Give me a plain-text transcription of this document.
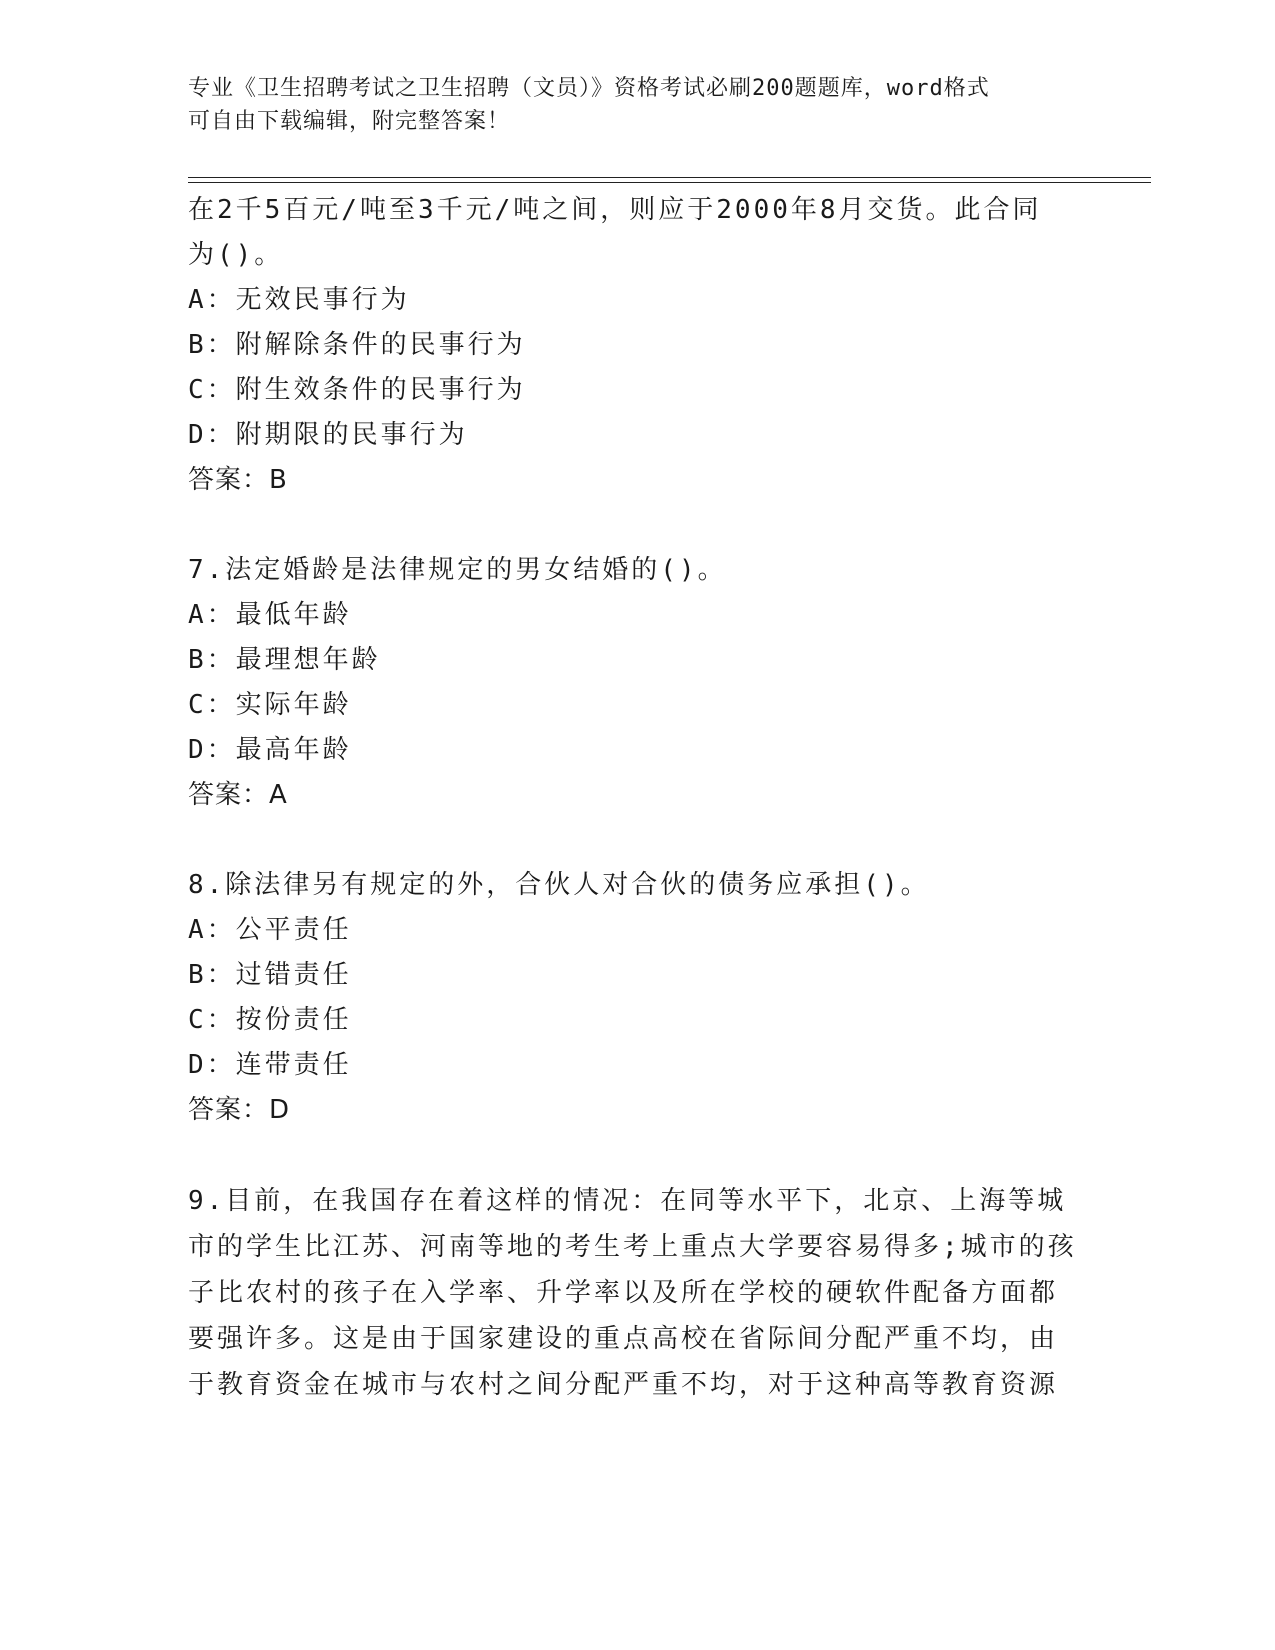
专业《卫生招聘考试之卫生招聘（文员）》资格考试必刷200题题库，word格式
可自由下载编辑，附完整答案！
在2千5百元/吨至3千元/吨之间，则应于2000年8月交货。此合同
为()。
A：无效民事行为
B：附解除条件的民事行为
C：附生效条件的民事行为
D：附期限的民事行为
答案：B
7.法定婚龄是法律规定的男女结婚的()。
A：最低年龄
B：最理想年龄
C：实际年龄
D：最高年龄
答案：A
8.除法律另有规定的外，合伙人对合伙的债务应承担()。
A：公平责任
B：过错责任
C：按份责任
D：连带责任
答案：D
9.目前，在我国存在着这样的情况：在同等水平下，北京、上海等城
市的学生比江苏、河南等地的考生考上重点大学要容易得多;城市的孩
子比农村的孩子在入学率、升学率以及所在学校的硬软件配备方面都
要强许多。这是由于国家建设的重点高校在省际间分配严重不均，由
于教育资金在城市与农村之间分配严重不均，对于这种高等教育资源
